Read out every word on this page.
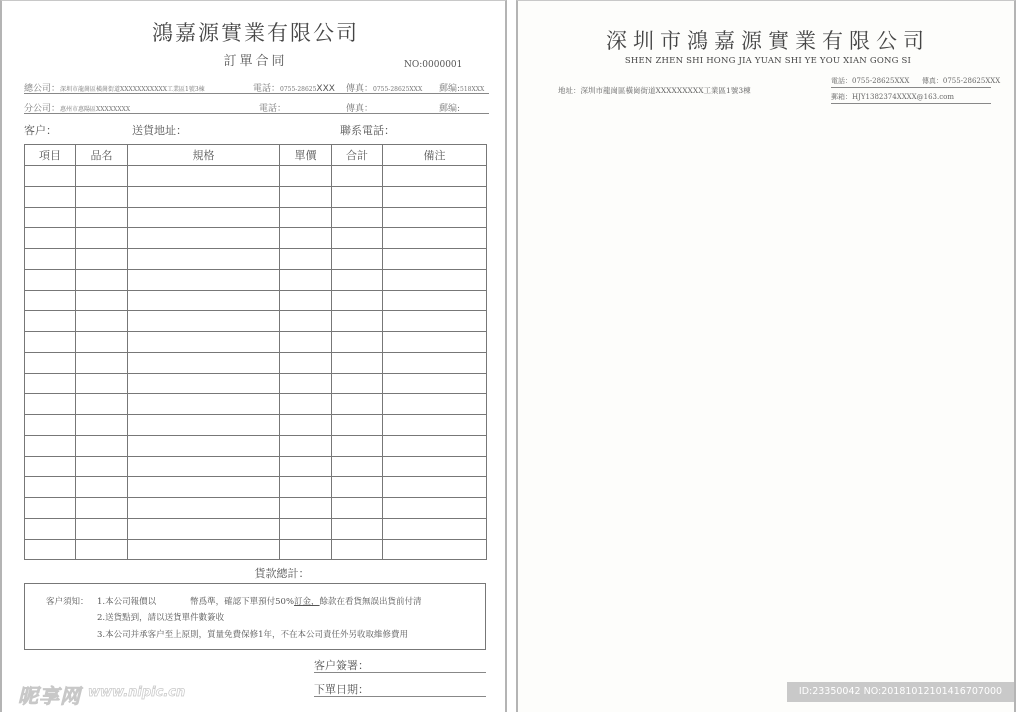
鴻嘉源實業有限公司
訂單合同	NO:0000001
總公司：深圳市龍崗區橫崗街道XXXXXXXXXXX工業區1號3棟	電話：0755-28625XXX 傳真：0755-28625XXX 郵编:518XXX
分公司：惠州市惠陽區XXXXXXXX	電話：	傳真：	郵编:
客户：	送貨地址：	聯系電話：
項目	品名	規格	單價	合計	備注

貨款總計：
客户須知： 1.本公司報價以	幣爲準，確認下單預付50%訂金，餘款在看貨無誤出貨前付清
2.送貨點到，請以送貨單件數簽收
3.本公司并承客户至上原則，質量免費保修1年，不在本公司責任外另收取維修費用
客户簽署：
下單日期：
昵享网 www.nipic.cn
深圳市鴻嘉源實業有限公司
SHEN ZHEN SHI HONG JIA YUAN SHI YE YOU XIAN GONG SI
地址：深圳市龍崗區橫崗街道XXXXXXXXX工業區1號3棟
電話：0755-28625XXX 傳真：0755-28625XXX
郵箱：HJY1382374XXXX@163.com
ID:23350042 NO:20181012101416707000
